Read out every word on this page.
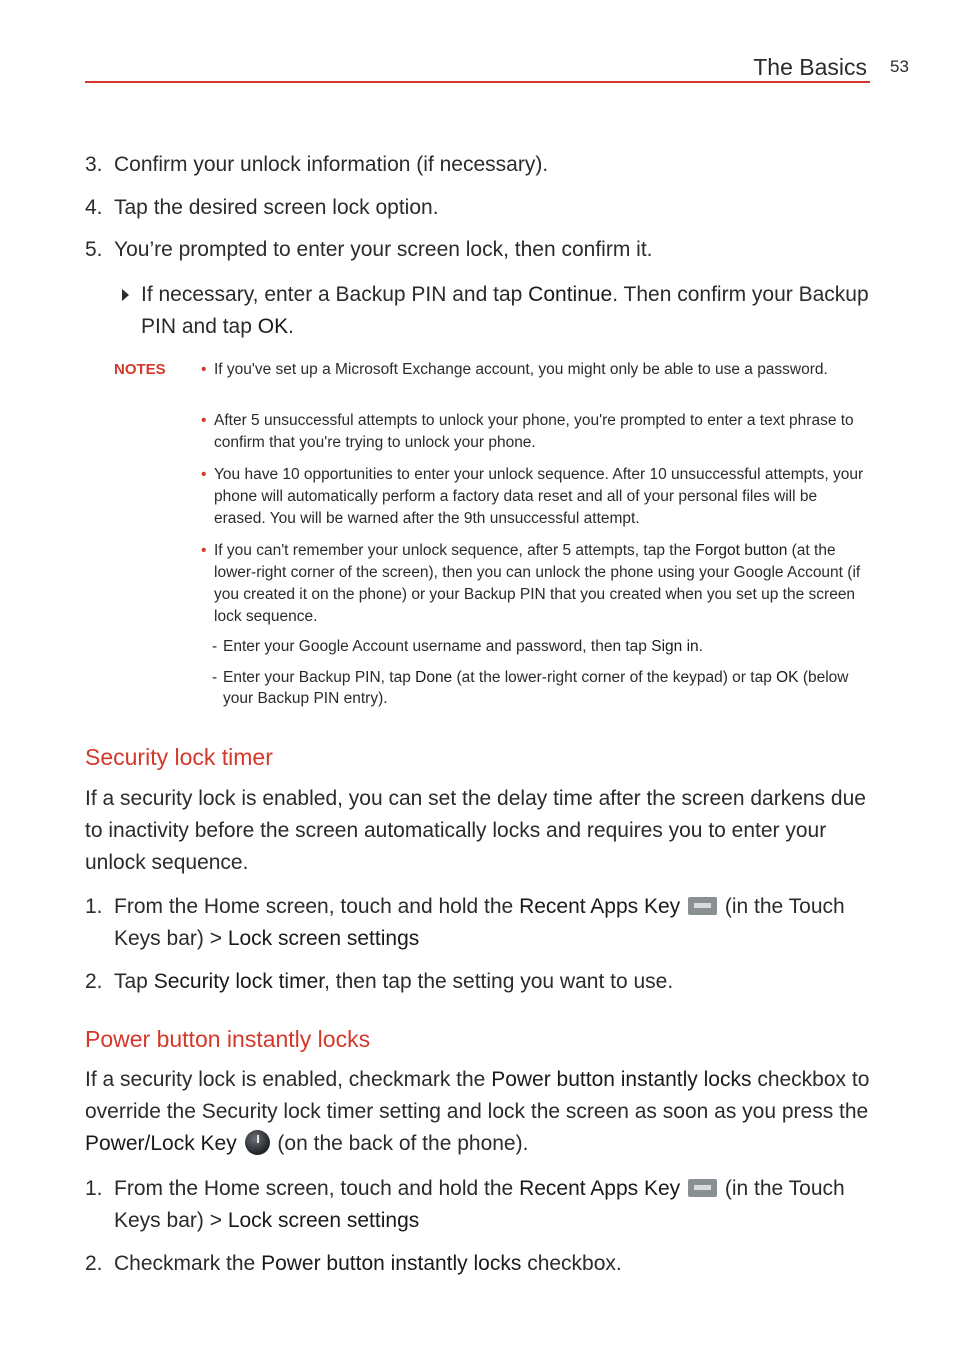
The Basics 53
3. Confirm your unlock information (if necessary).
4. Tap the desired screen lock option.
5. You’re prompted to enter your screen lock, then confirm it.
If necessary, enter a Backup PIN and tap Continue. Then confirm your Backup PIN and tap OK.
NOTES • If you've set up a Microsoft Exchange account, you might only be able to use a password.
• After 5 unsuccessful attempts to unlock your phone, you're prompted to enter a text phrase to confirm that you're trying to unlock your phone.
• You have 10 opportunities to enter your unlock sequence. After 10 unsuccessful attempts, your phone will automatically perform a factory data reset and all of your personal files will be erased. You will be warned after the 9th unsuccessful attempt.
• If you can't remember your unlock sequence, after 5 attempts, tap the Forgot button (at the lower-right corner of the screen), then you can unlock the phone using your Google Account (if you created it on the phone) or your Backup PIN that you created when you set up the screen lock sequence.
- Enter your Google Account username and password, then tap Sign in.
- Enter your Backup PIN, tap Done (at the lower-right corner of the keypad) or tap OK (below your Backup PIN entry).
Security lock timer
If a security lock is enabled, you can set the delay time after the screen darkens due to inactivity before the screen automatically locks and requires you to enter your unlock sequence.
1. From the Home screen, touch and hold the Recent Apps Key  (in the Touch Keys bar) > Lock screen settings
2. Tap Security lock timer, then tap the setting you want to use.
Power button instantly locks
If a security lock is enabled, checkmark the Power button instantly locks checkbox to override the Security lock timer setting and lock the screen as soon as you press the Power/Lock Key  (on the back of the phone).
1. From the Home screen, touch and hold the Recent Apps Key  (in the Touch Keys bar) > Lock screen settings
2. Checkmark the Power button instantly locks checkbox.
